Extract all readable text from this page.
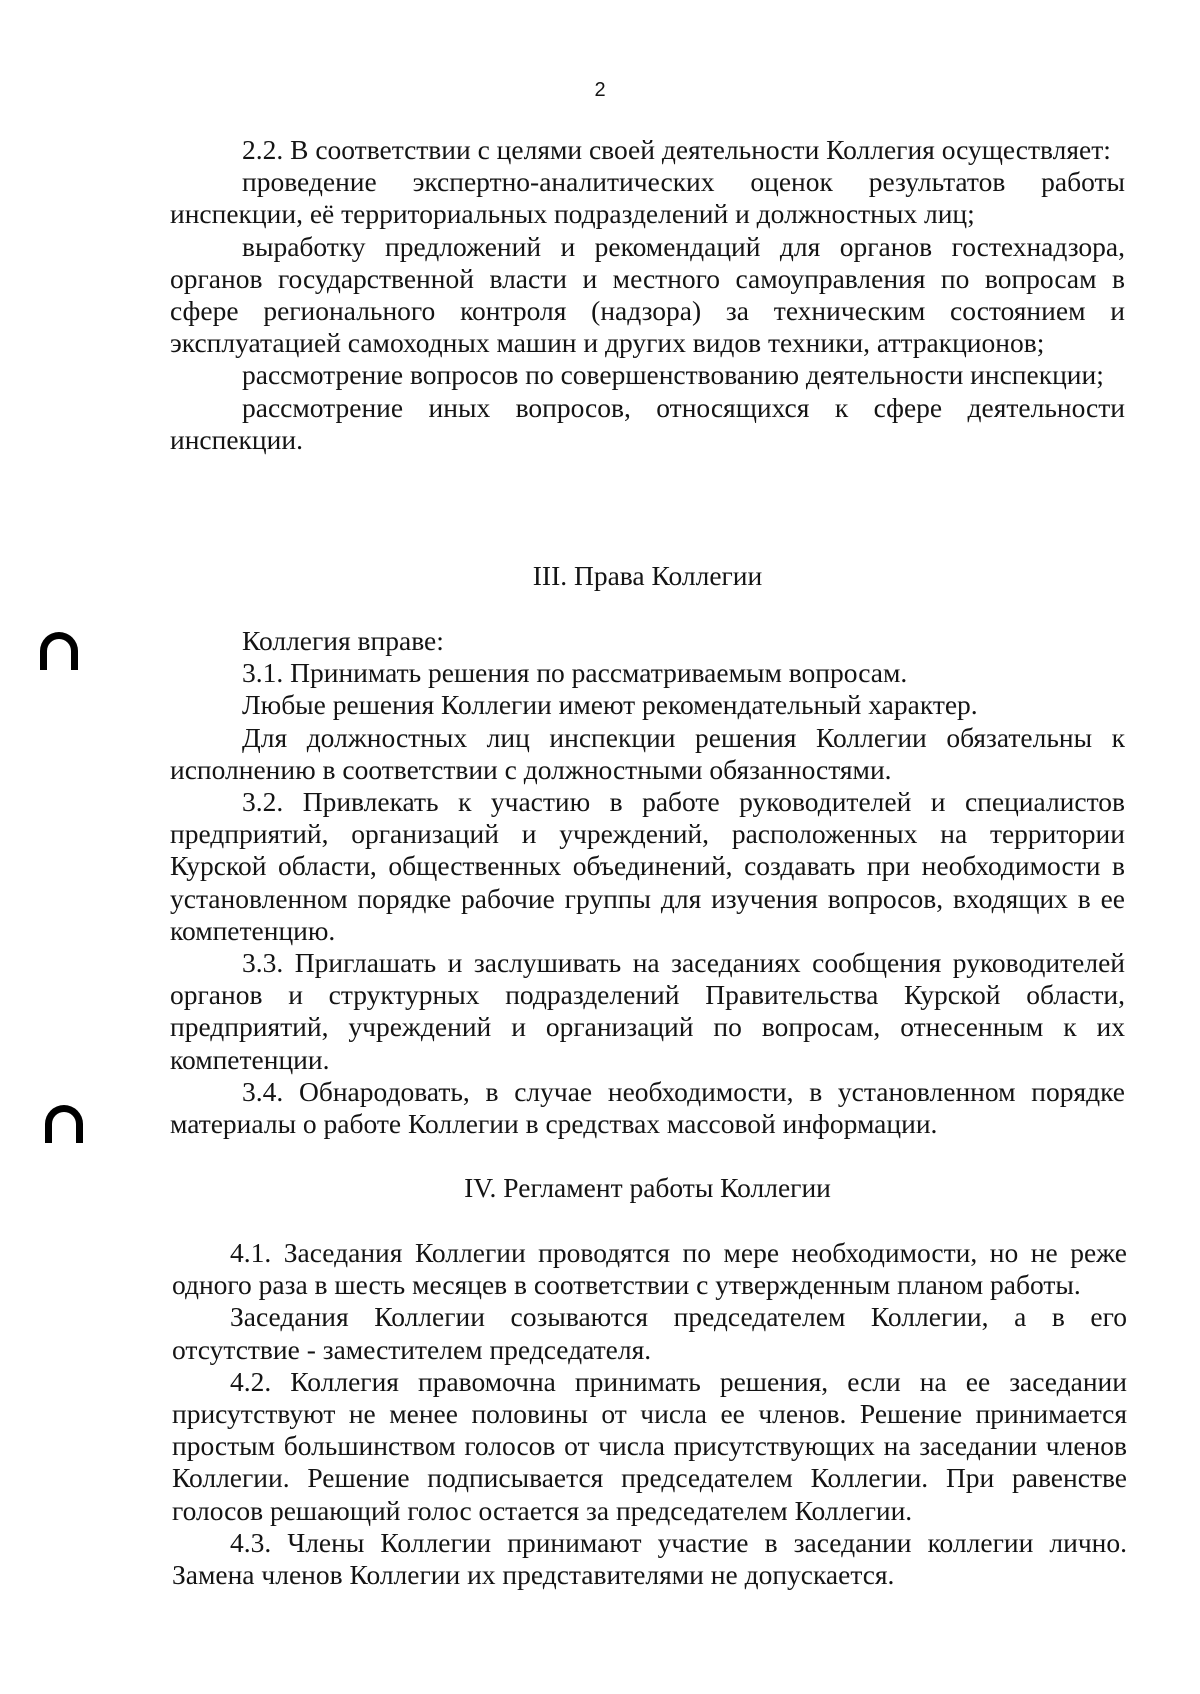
2

2.2. В соответствии с целями своей деятельности Коллегия осуществляет:

проведение экспертно-аналитических оценок результатов работы инспекции, её территориальных подразделений и должностных лиц;

выработку предложений и рекомендаций для органов гостехнадзора, органов государственной власти и местного самоуправления по вопросам в сфере регионального контроля (надзора) за техническим состоянием и эксплуатацией самоходных машин и других видов техники, аттракционов;

рассмотрение вопросов по совершенствованию деятельности инспекции;

рассмотрение иных вопросов, относящихся к сфере деятельности инспекции.

III. Права Коллегии

Коллегия вправе:

3.1. Принимать решения по рассматриваемым вопросам.

Любые решения Коллегии имеют рекомендательный характер.

Для должностных лиц инспекции решения Коллегии обязательны к исполнению в соответствии с должностными обязанностями.

3.2. Привлекать к участию в работе руководителей и специалистов предприятий, организаций и учреждений, расположенных на территории Курской области, общественных объединений, создавать при необходимости в установленном порядке рабочие группы для изучения вопросов, входящих в ее компетенцию.

3.3. Приглашать и заслушивать на заседаниях сообщения руководителей органов и структурных подразделений Правительства Курской области, предприятий, учреждений и организаций по вопросам, отнесенным к их компетенции.

3.4. Обнародовать, в случае необходимости, в установленном порядке материалы о работе Коллегии в средствах массовой информации.

IV. Регламент работы Коллегии

4.1. Заседания Коллегии проводятся по мере необходимости, но не реже одного раза в шесть месяцев в соответствии с утвержденным планом работы.

Заседания Коллегии созываются председателем Коллегии, а в его отсутствие - заместителем председателя.

4.2. Коллегия правомочна принимать решения, если на ее заседании присутствуют не менее половины от числа ее членов. Решение принимается простым большинством голосов от числа присутствующих на заседании членов Коллегии. Решение подписывается председателем Коллегии. При равенстве голосов решающий голос остается за председателем Коллегии.

4.3. Члены Коллегии принимают участие в заседании коллегии лично. Замена членов Коллегии их представителями не допускается.
